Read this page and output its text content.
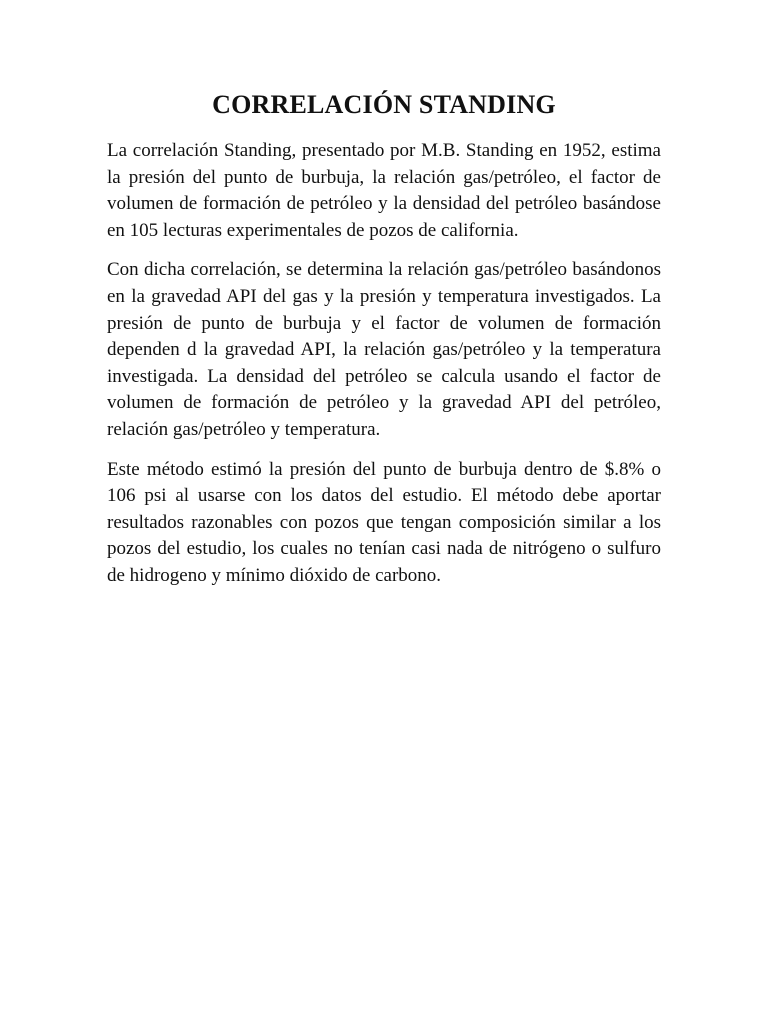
CORRELACIÓN STANDING

La correlación Standing, presentado por M.B. Standing en 1952, estima la presión del punto de burbuja, la relación gas/petróleo, el factor de volumen de formación de petróleo y la densidad del petróleo basándose en 105 lecturas experimentales de pozos de california.

Con dicha correlación, se determina la relación gas/petróleo basándonos en la gravedad API del gas y la presión y temperatura investigados. La presión de punto de burbuja y el factor de volumen de formación dependen d la gravedad API, la relación gas/petróleo y la temperatura investigada. La densidad del petróleo se calcula usando el factor de volumen de formación de petróleo y la gravedad API del petróleo, relación gas/petróleo y temperatura.

Este método estimó la presión del punto de burbuja dentro de $.8% o 106 psi al usarse con los datos del estudio. El método debe aportar resultados razonables con pozos que tengan composición similar a los pozos del estudio, los cuales no tenían casi nada de nitrógeno o sulfuro de hidrogeno y mínimo dióxido de carbono.
